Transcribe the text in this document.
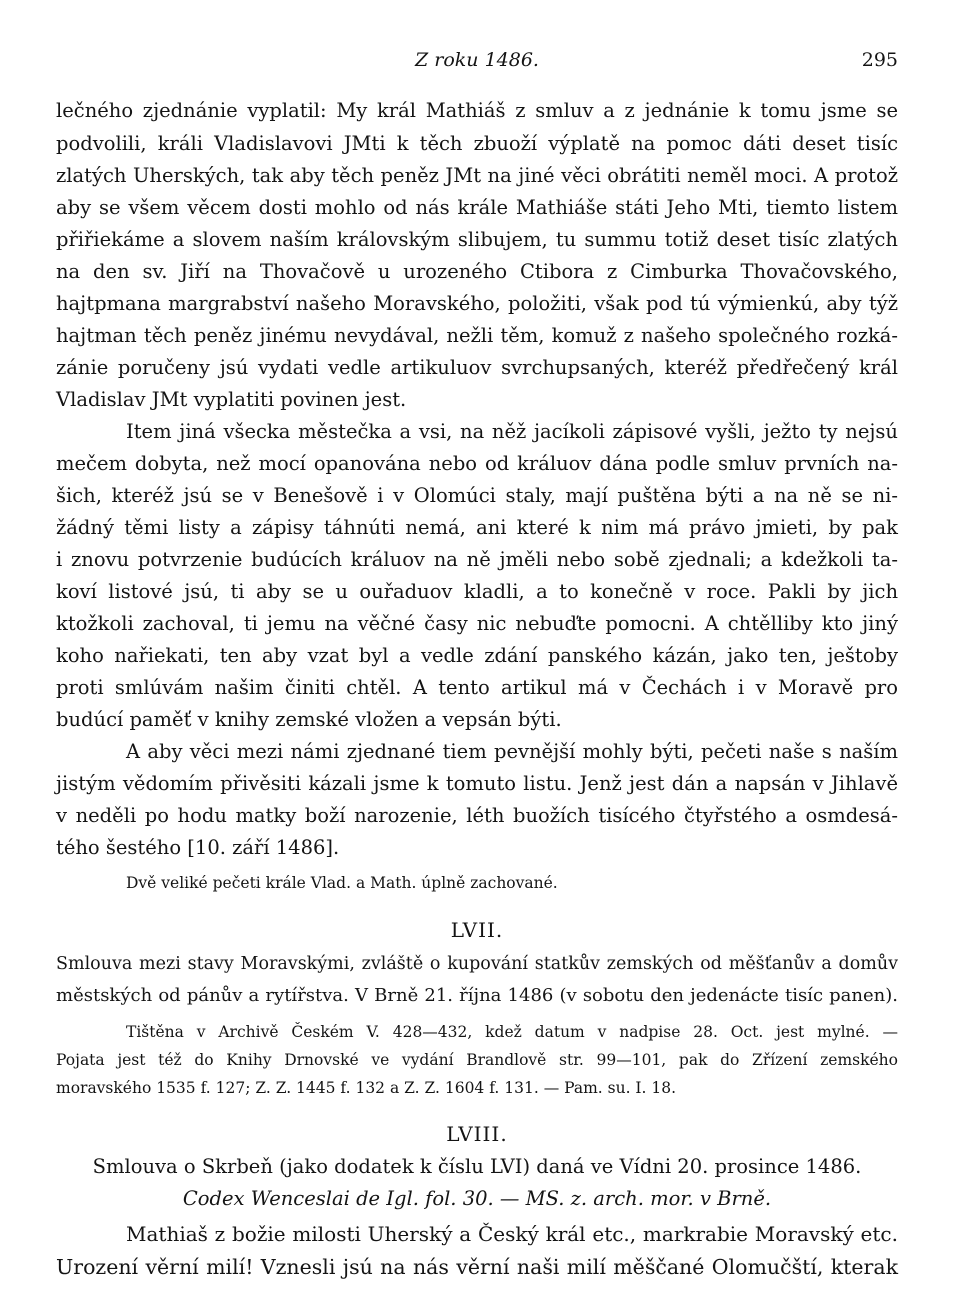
Z roku 1486.	295
lečného zjednánie vyplatil: My král Mathiáš z smluv a z jednánie k tomu jsme se
podvolili, králi Vladislavovi JMti k těch zbuoží výplatě na pomoc dáti deset tisíc
zlatých Uherských, tak aby těch peněz JMt na jiné věci obrátiti neměl moci. A protož
aby se všem věcem dosti mohlo od nás krále Mathiáše státi Jeho Mti, tiemto listem
přiřiekáme a slovem naším královským slibujem, tu summu totiž deset tisíc zlatých
na den sv. Jiří na Thovačově u urozeného Ctibora z Cimburka Thovačovského,
hajtpmana margrabství našeho Moravského, položiti, však pod tú výmienkú, aby týž
hajtman těch peněz jinému nevydával, nežli těm, komuž z našeho společného rozká-
zánie poručeny jsú vydati vedle artikuluov svrchupsaných, kteréž předřečený král
Vladislav JMt vyplatiti povinen jest.
Item jiná všecka městečka a vsi, na něž jacíkoli zápisové vyšli, ježto ty nejsú
mečem dobyta, než mocí opanována nebo od králuov dána podle smluv prvních na-
šich, kteréž jsú se v Benešově i v Olomúci staly, mají puštěna býti a na ně se ni-
žádný těmi listy a zápisy táhnúti nemá, ani které k nim má právo jmieti, by pak
i znovu potvrzenie budúcích králuov na ně jměli nebo sobě zjednali; a kdežkoli ta-
koví listové jsú, ti aby se u ouřaduov kladli, a to konečně v roce. Pakli by jich
ktožkoli zachoval, ti jemu na věčné časy nic nebuďte pomocni. A chtělliby kto jiný
koho nařiekati, ten aby vzat byl a vedle zdání panského kázán, jako ten, ještoby
proti smlúvám našim činiti chtěl. A tento artikul má v Čechách i v Moravě pro
budúcí paměť v knihy zemské vložen a vepsán býti.
A aby věci mezi námi zjednané tiem pevnější mohly býti, pečeti naše s naším
jistým vědomím přivěsiti kázali jsme k tomuto listu. Jenž jest dán a napsán v Jihlavě
v neděli po hodu matky boží narozenie, léth buožích tisícého čtyřstého a osmdesá-
tého šestého [10. září 1486].
Dvě veliké pečeti krále Vlad. a Math. úplně zachované.
LVII.
Smlouva mezi stavy Moravskými, zvláště o kupování statkův zemských od měšťanův a domův
městských od pánův a rytířstva. V Brně 21. října 1486 (v sobotu den jedenácte tisíc panen).
Tištěna v Archivě Českém V. 428—432, kdež datum v nadpise 28. Oct. jest mylné. —
Pojata jest též do Knihy Drnovské ve vydání Brandlově str. 99—101, pak do Zřízení zemského
moravského 1535 f. 127; Z. Z. 1445 f. 132 a Z. Z. 1604 f. 131. — Pam. su. I. 18.
LVIII.
Smlouva o Skrbeň (jako dodatek k číslu LVI) daná ve Vídni 20. prosince 1486.
Codex Wenceslai de Igl. fol. 30. — MS. z. arch. mor. v Brně.
Mathiaš z božie milosti Uherský a Český král etc., markrabie Moravský etc.
Urození věrní milí! Vznesli jsú na nás věrní naši milí měščané Olomučští, kterak
